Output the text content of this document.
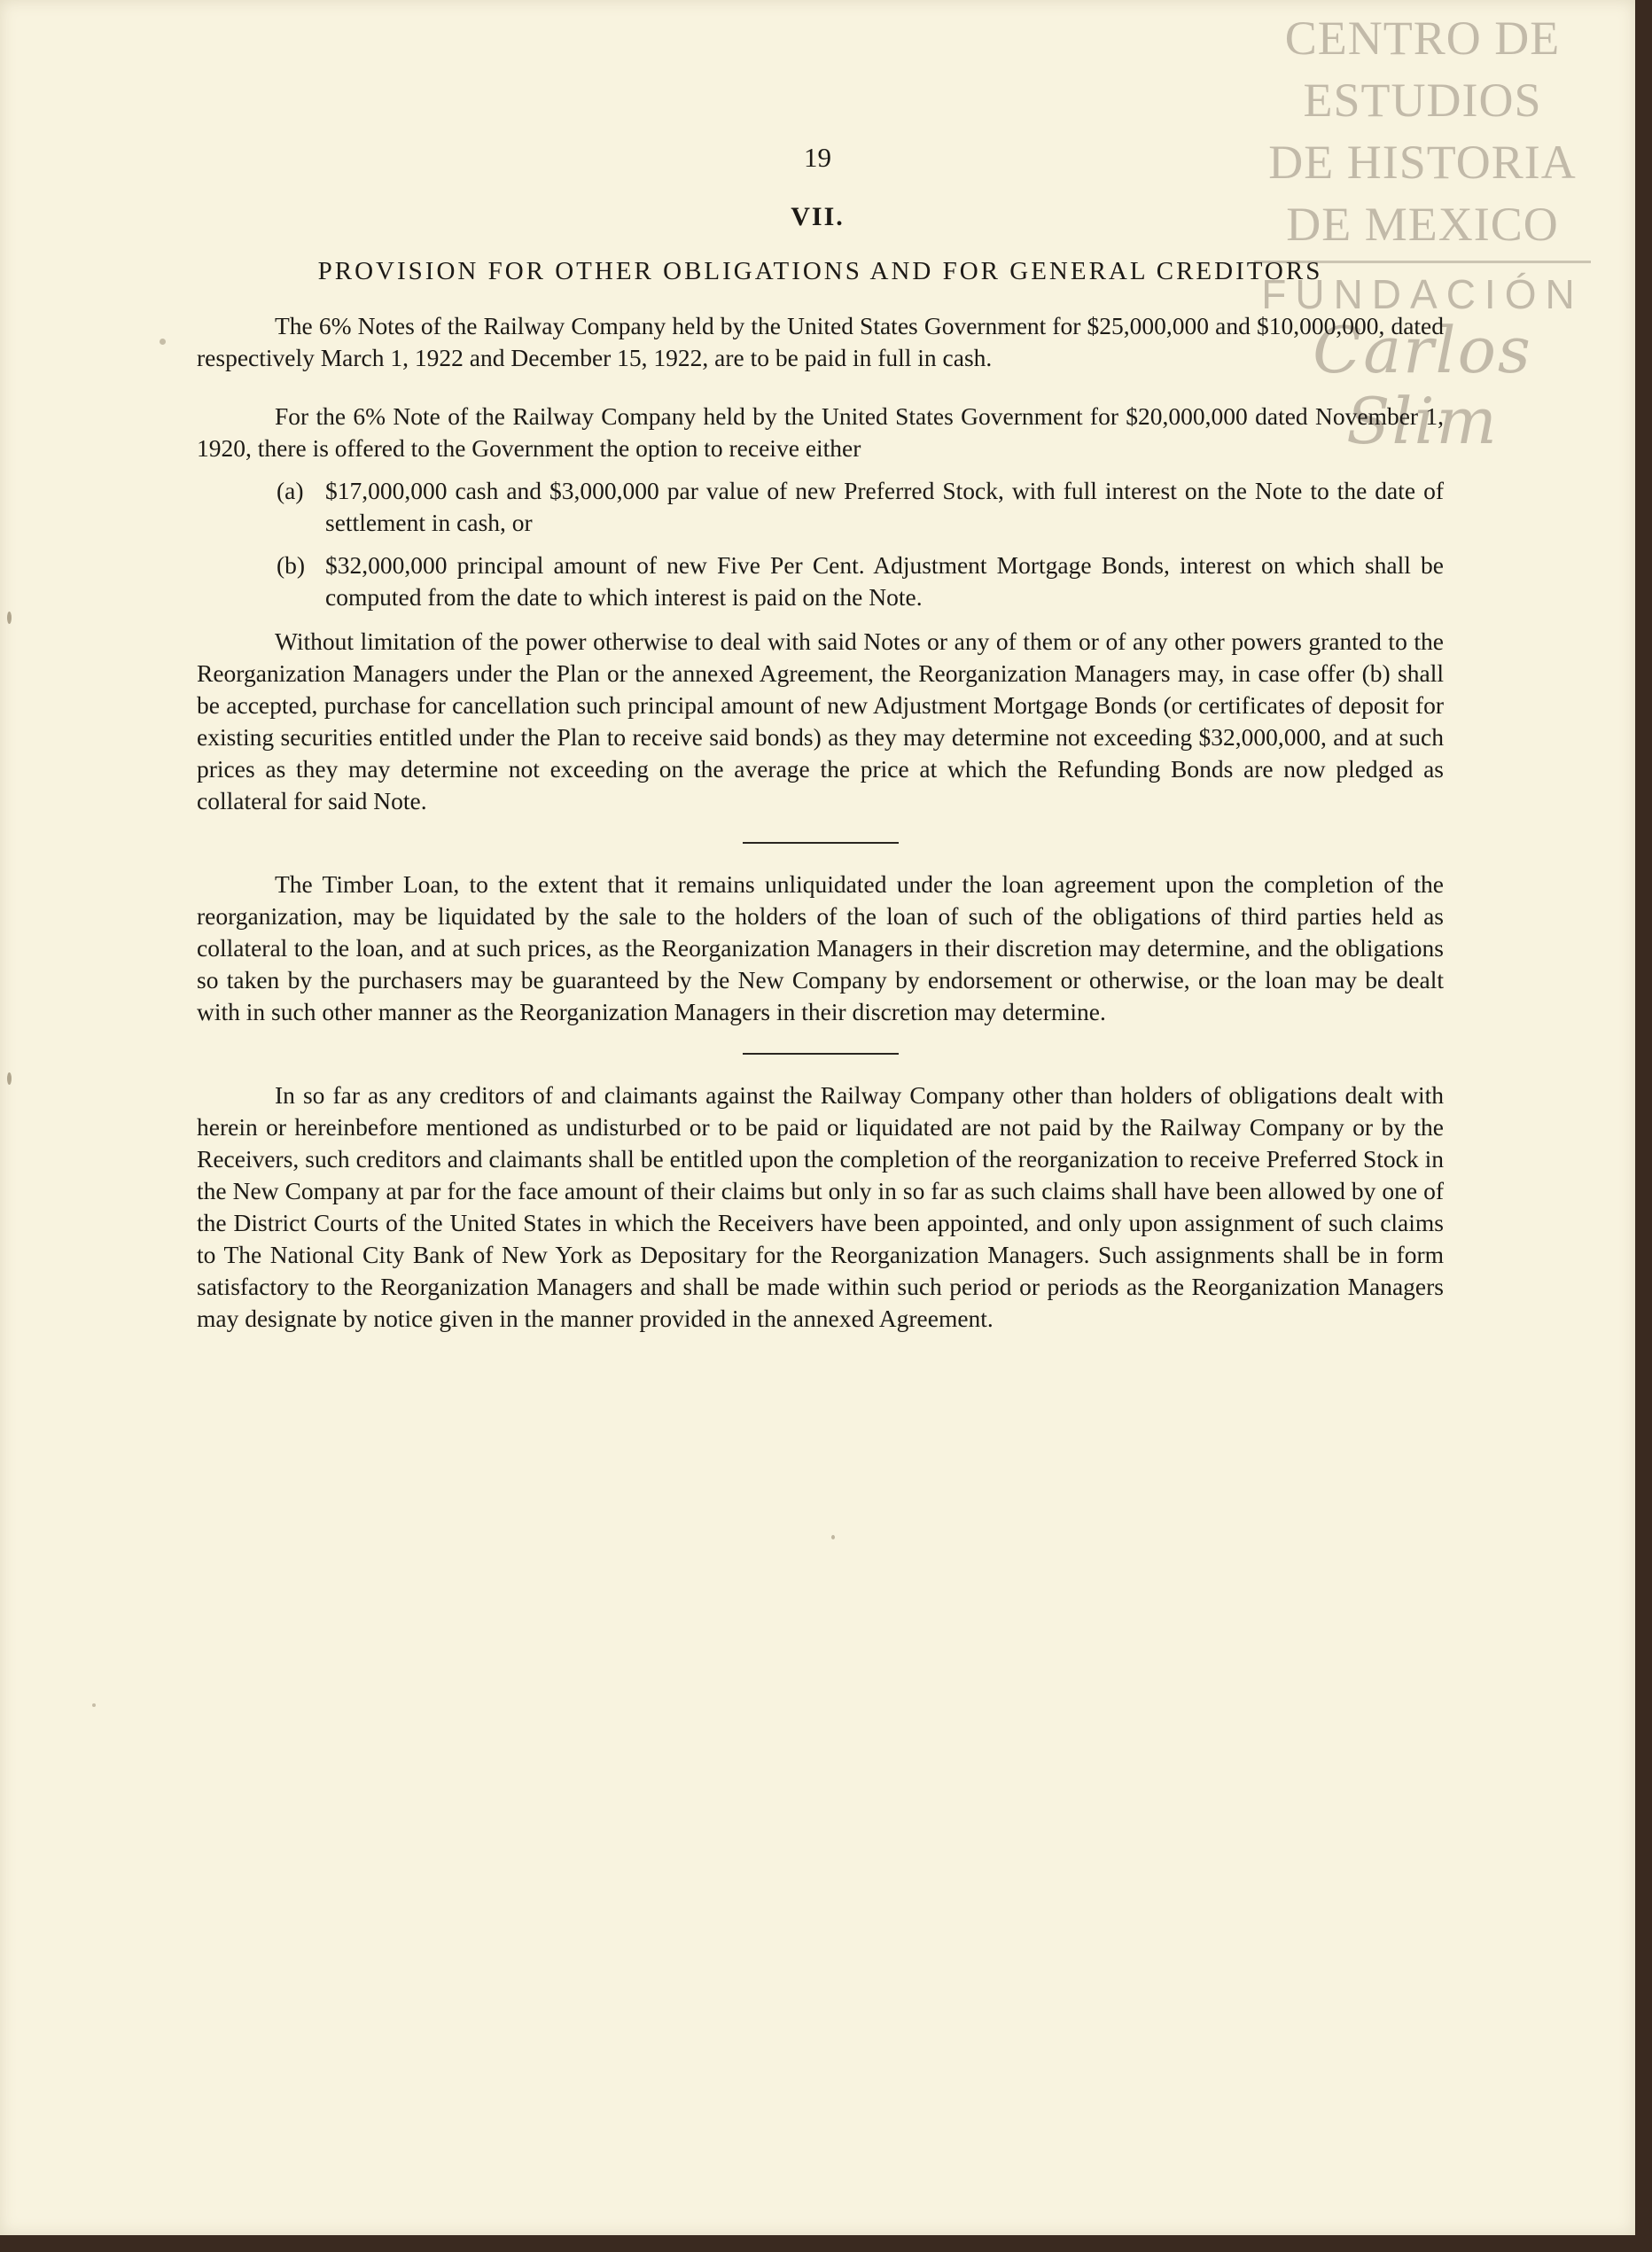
CENTRO DE
ESTUDIOS
DE HISTORIA
DE MEXICO
FUNDACIÓN
Carlos Slim
19
VII.
PROVISION FOR OTHER OBLIGATIONS AND FOR GENERAL CREDITORS

The 6% Notes of the Railway Company held by the United States Government for $25,000,000 and $10,000,000, dated respectively March 1, 1922 and December 15, 1922, are to be paid in full in cash.

For the 6% Note of the Railway Company held by the United States Government for $20,000,000 dated November 1, 1920, there is offered to the Government the option to receive either

(a) $17,000,000 cash and $3,000,000 par value of new Preferred Stock, with full interest on the Note to the date of settlement in cash, or
(b) $32,000,000 principal amount of new Five Per Cent. Adjustment Mortgage Bonds, interest on which shall be computed from the date to which interest is paid on the Note.

Without limitation of the power otherwise to deal with said Notes or any of them or of any other powers granted to the Reorganization Managers under the Plan or the annexed Agreement, the Reorganization Managers may, in case offer (b) shall be accepted, purchase for cancellation such principal amount of new Adjustment Mortgage Bonds (or certificates of deposit for existing securities entitled under the Plan to receive said bonds) as they may determine not exceeding $32,000,000, and at such prices as they may determine not exceeding on the average the price at which the Refunding Bonds are now pledged as collateral for said Note.

The Timber Loan, to the extent that it remains unliquidated under the loan agreement upon the completion of the reorganization, may be liquidated by the sale to the holders of the loan of such of the obligations of third parties held as collateral to the loan, and at such prices, as the Reorganization Managers in their discretion may determine, and the obligations so taken by the purchasers may be guaranteed by the New Company by endorsement or otherwise, or the loan may be dealt with in such other manner as the Reorganization Managers in their discretion may determine.

In so far as any creditors of and claimants against the Railway Company other than holders of obligations dealt with herein or hereinbefore mentioned as undisturbed or to be paid or liquidated are not paid by the Railway Company or by the Receivers, such creditors and claimants shall be entitled upon the completion of the reorganization to receive Preferred Stock in the New Company at par for the face amount of their claims but only in so far as such claims shall have been allowed by one of the District Courts of the United States in which the Receivers have been appointed, and only upon assignment of such claims to The National City Bank of New York as Depositary for the Reorganization Managers. Such assignments shall be in form satisfactory to the Reorganization Managers and shall be made within such period or periods as the Reorganization Managers may designate by notice given in the manner provided in the annexed Agreement.
